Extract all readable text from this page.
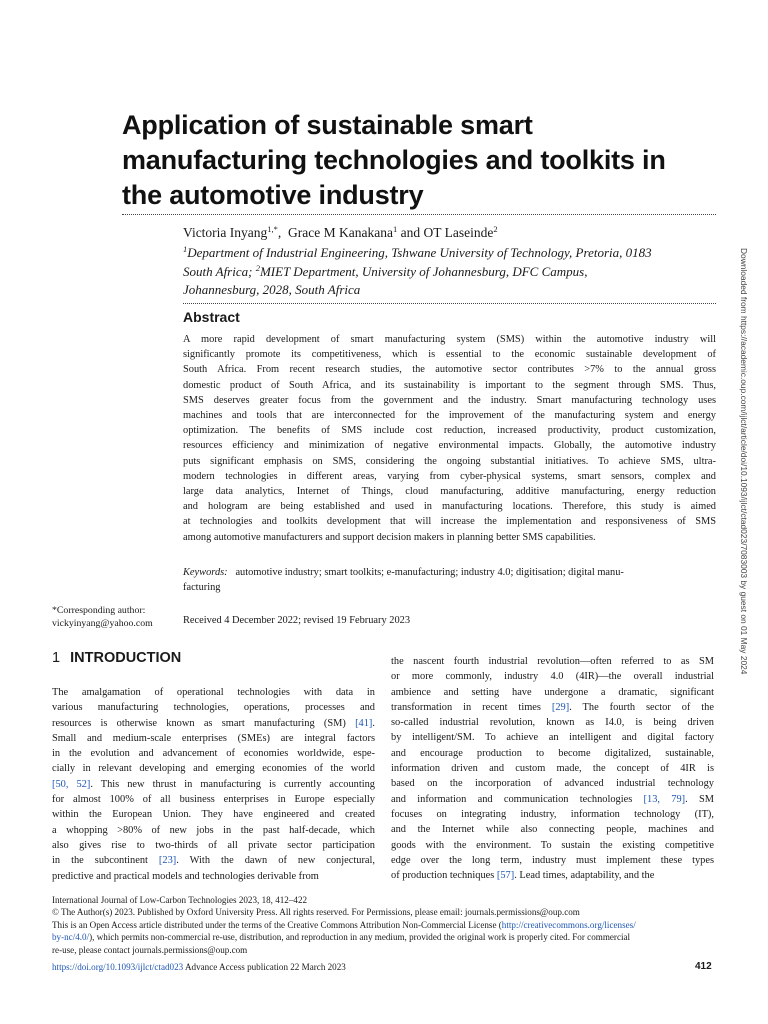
Application of sustainable smart
manufacturing technologies and toolkits in
the automotive industry
Victoria Inyang$^{1,*}$,  Grace M Kanakana$^1$ and OT Laseinde$^2$
$^1$Department of Industrial Engineering, Tshwane University of Technology, Pretoria, 0183
South Africa; $^2$MIET Department, University of Johannesburg, DFC Campus,
Johannesburg, 2028, South Africa
Abstract
A more rapid development of smart manufacturing system (SMS) within the automotive industry will
significantly promote its competitiveness, which is essential to the economic sustainable development of
South Africa. From recent research studies, the automotive sector contributes >7% to the annual gross
domestic product of South Africa, and its sustainability is important to the segment through SMS. Thus,
SMS deserves greater focus from the government and the industry. Smart manufacturing technology uses
machines and tools that are interconnected for the improvement of the manufacturing system and energy
optimization. The benefits of SMS include cost reduction, increased productivity, product customization,
resources efficiency and minimization of negative environmental impacts. Globally, the automotive industry
puts significant emphasis on SMS, considering the ongoing substantial initiatives. To achieve SMS, ultra-
modern technologies in different areas, varying from cyber-physical systems, smart sensors, complex and
large data analytics, Internet of Things, cloud manufacturing, additive manufacturing, energy reduction
and hologram are being established and used in manufacturing locations. Therefore, this study is aimed
at technologies and toolkits development that will increase the implementation and responsiveness of SMS
among automotive manufacturers and support decision makers in planning better SMS capabilities.
Keywords: automotive industry; smart toolkits; e-manufacturing; industry 4.0; digitisation; digital manu-
facturing
*Corresponding author:
vickyinyang@yahoo.com	Received 4 December 2022; revised 19 February 2023
1 INTRODUCTION
The amalgamation of operational technologies with data in
various manufacturing technologies, operations, processes and
resources is otherwise known as smart manufacturing (SM) [41].
Small and medium-scale enterprises (SMEs) are integral factors
in the evolution and advancement of economies worldwide, espe-
cially in relevant developing and emerging economies of the world
[50, 52]. This new thrust in manufacturing is currently accounting
for almost 100% of all business enterprises in Europe especially
within the European Union. They have engineered and created
a whopping >80% of new jobs in the past half-decade, which
also gives rise to two-thirds of all private sector participation
in the subcontinent [23]. With the dawn of new conjectural,
predictive and practical models and technologies derivable from
the nascent fourth industrial revolution—often referred to as SM
or more commonly, industry 4.0 (4IR)—the overall industrial
ambience and setting have undergone a dramatic, significant
transformation in recent times [29]. The fourth sector of the
so-called industrial revolution, known as I4.0, is being driven
by intelligent/SM. To achieve an intelligent and digital factory
and encourage production to become digitalized, sustainable,
information driven and custom made, the concept of 4IR is
based on the incorporation of advanced industrial technology
and information and communication technologies [13, 79]. SM
focuses on integrating industry, information technology (IT),
and the Internet while also connecting people, machines and
goods with the environment. To sustain the existing competitive
edge over the long term, industry must implement these types
of production techniques [57]. Lead times, adaptability, and the
International Journal of Low-Carbon Technologies 2023, 18, 412–422
© The Author(s) 2023. Published by Oxford University Press. All rights reserved. For Permissions, please email: journals.permissions@oup.com
This is an Open Access article distributed under the terms of the Creative Commons Attribution Non-Commercial License (http://creativecommons.org/licenses/
by-nc/4.0/), which permits non-commercial re-use, distribution, and reproduction in any medium, provided the original work is properly cited. For commercial
re-use, please contact journals.permissions@oup.com
https://doi.org/10.1093/ijlct/ctad023 Advance Access publication 22 March 2023	412
Downloaded from https://academic.oup.com/ijlct/article/doi/10.1093/ijlct/ctad023/7083003 by guest on 01 May 2024
